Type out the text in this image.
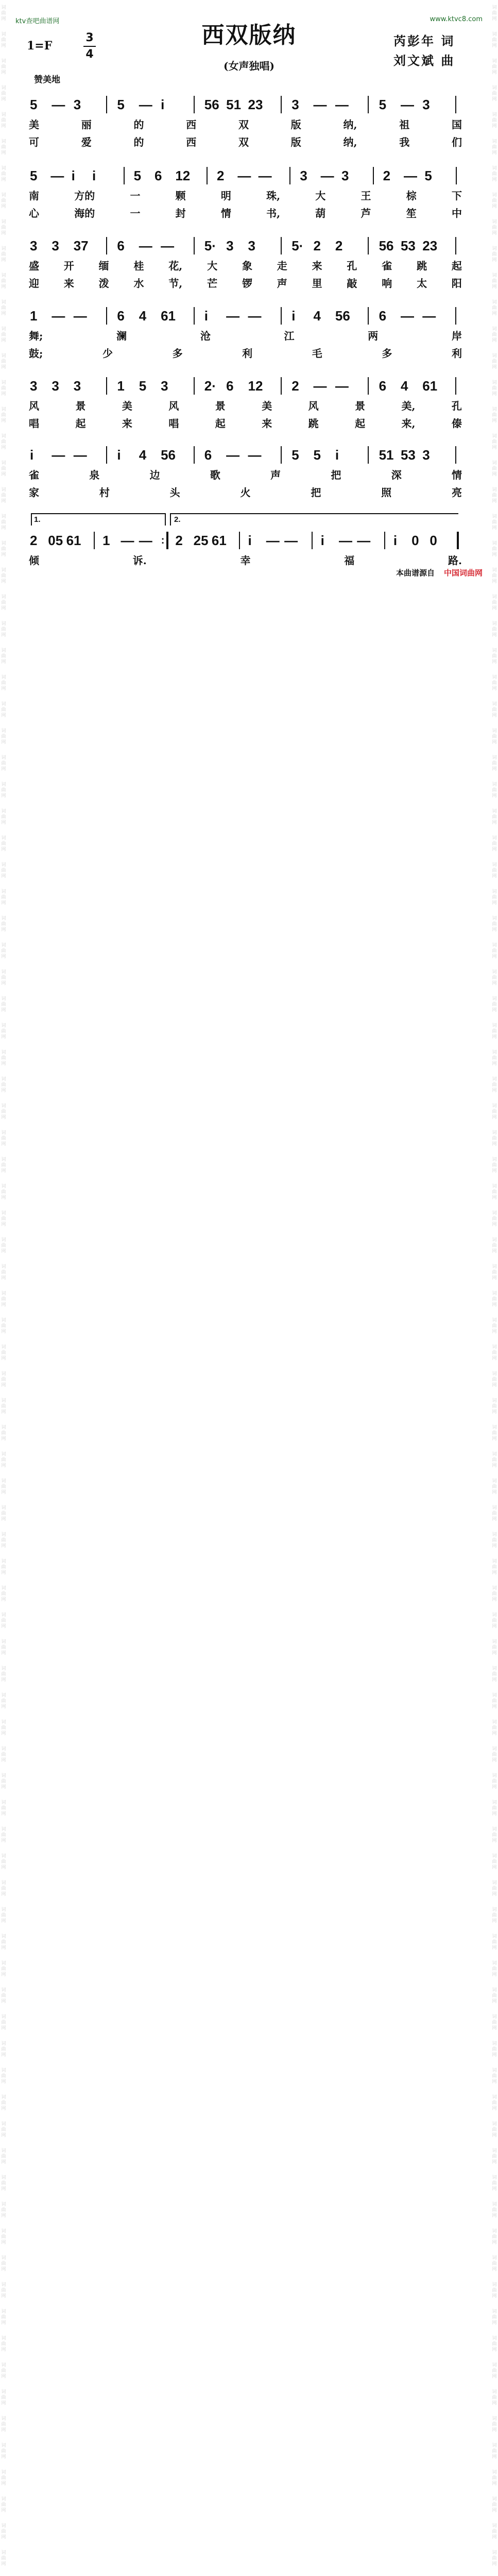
词
曲
网
词
曲
网
词
曲
网
词
曲
网
词
曲
网
词
曲
网
词
曲
网
词
曲
网
词
曲
网
词
曲
网
词
曲
网
词
曲
网
词
曲
网
词
曲
网
词
曲
网
词
曲
网
词
曲
网
词
曲
网
词
曲
网
词
曲
网
词
曲
网
词
曲
网
词
曲
网
词
曲
网
词
曲
网
词
曲
网
词
曲
网
词
曲
网
词
曲
网
词
曲
网
词
曲
网
词
曲
网
词
曲
网
词
曲
网
词
曲
网
词
曲
网
词
曲
网
词
曲
网
词
曲
网
词
曲
网
词
曲
网
词
曲
网
词
曲
网
词
曲
网
词
曲
网
词
曲
网
词
曲
网
词
曲
网
词
曲
网
词
曲
网
词
曲
网
词
曲
网
词
曲
网
词
曲
网
词
曲
网
词
曲
网
词
曲
网
词
曲
网
词
曲
网
词
曲
网
词
曲
网
词
曲
网
词
曲
网
词
曲
网
词
曲
网
词
曲
网
词
曲
网
词
曲
网
词
曲
网
词
曲
网
词
曲
网
词
曲
网
词
曲
网
词
曲
网
词
曲
网
词
曲
网
词
曲
网
词
曲
网
词
曲
网
词
曲
网
词
曲
网
词
曲
网
词
曲
网
词
曲
网
词
曲
网
词
曲
网
词
曲
网
词
曲
网
词
曲
网
词
曲
网
词
曲
网
词
曲
网
词
曲
网
词
曲
网
词
曲
网
词
曲
网
词
曲
网
词
曲
网
词
曲
网
词
曲
网
词
曲
网
词
曲
网
词
曲
网
词
曲
网
词
曲
网
词
曲
网
词
曲
网
词
曲
网
词
曲
网
词
曲
网
词
曲
网
词
曲
网
词
曲
网
词
曲
网
词
曲
网
词
曲
网
词
曲
网
词
曲
网
词
曲
网
词
曲
网
词
曲
网
词
曲
网
词
曲
网
词
曲
网
词
曲
网
词
曲
网
词
曲
网
词
曲
网
词
曲
网
词
曲
网
词
曲
网
词
曲
网
词
曲
网
词
曲
网
词
曲
网
词
曲
网
词
曲
网
词
曲
网
词
曲
网
词
曲
网
词
曲
网
词
曲
网
词
曲
网
词
曲
网
词
曲
网
词
曲
网
词
曲
网
词
曲
网
词
曲
网
词
曲
网
词
曲
网
词
曲
网
词
曲
网
词
曲
网
词
曲
网
词
曲
网
词
曲
网
词
曲
网
词
曲
网
词
曲
网
词
曲
网
词
曲
网
词
曲
网
词
曲
网
词
曲
网
词
曲
网
词
曲
网
词
曲
网
词
曲
网
词
曲
网
词
曲
网
词
曲
网
词
曲
网
词
曲
网
词
曲
网
词
曲
网
词
曲
网
词
曲
网
词
曲
网
词
曲
网
词
曲
网
词
曲
网
词
曲
网
词
曲
网
词
曲
网
词
曲
网
词
曲
网
词
曲
网
词
曲
网
词
曲
网
词
曲
网
词
曲
网
ktv查吧曲谱网	www.ktvc8.com
西双版纳
(女声独唱)
1=F
3
4
赞美地
芮彭年 词
刘文斌 曲
5 — 3	5 — i	56 51 23 3 — — 5 — 3
美	丽	的	西	双	版	纳,	祖	国
可	爱	的	西	双	版	纳,	我	们
5 — i i	5 6 12 2 — — 3 — 3	2 — 5
南	方的	一	颗	明	珠,	大	王	棕	下
心	海的	一	封	情	书,	葫	芦	笙	中
3 3 37 6 — — 5· 3 3	5· 2 2	56 53 23
盛 开 缅 桂 花, 大 象 走 来 孔 雀 跳 起
迎 来 泼 水 节, 芒 锣 声 里 敲 响 太 阳
1 — — 6 4 61 i — — i 4 56 6 — —
舞;	澜	沧	江	两	岸
鼓;	少	多	利	毛	多	利
3 3 3	1 5 3	2· 6 12 2 — — 6 4 61
风	景	美	风	景	美	风	景	美,	孔
唱	起	来	唱	起	来	跳	起	来,	傣
i — — i 4 56 6 — — 5 5 i	51 53 3
雀	泉	边	歌	声	把	深	情
家	村	头	火	把	照	亮
2 05 61 1 — — : 2 25 61 i — — i — — i 0 0
倾	诉.	幸	福	路.
1.	2.
本曲谱源自 中国词曲网
